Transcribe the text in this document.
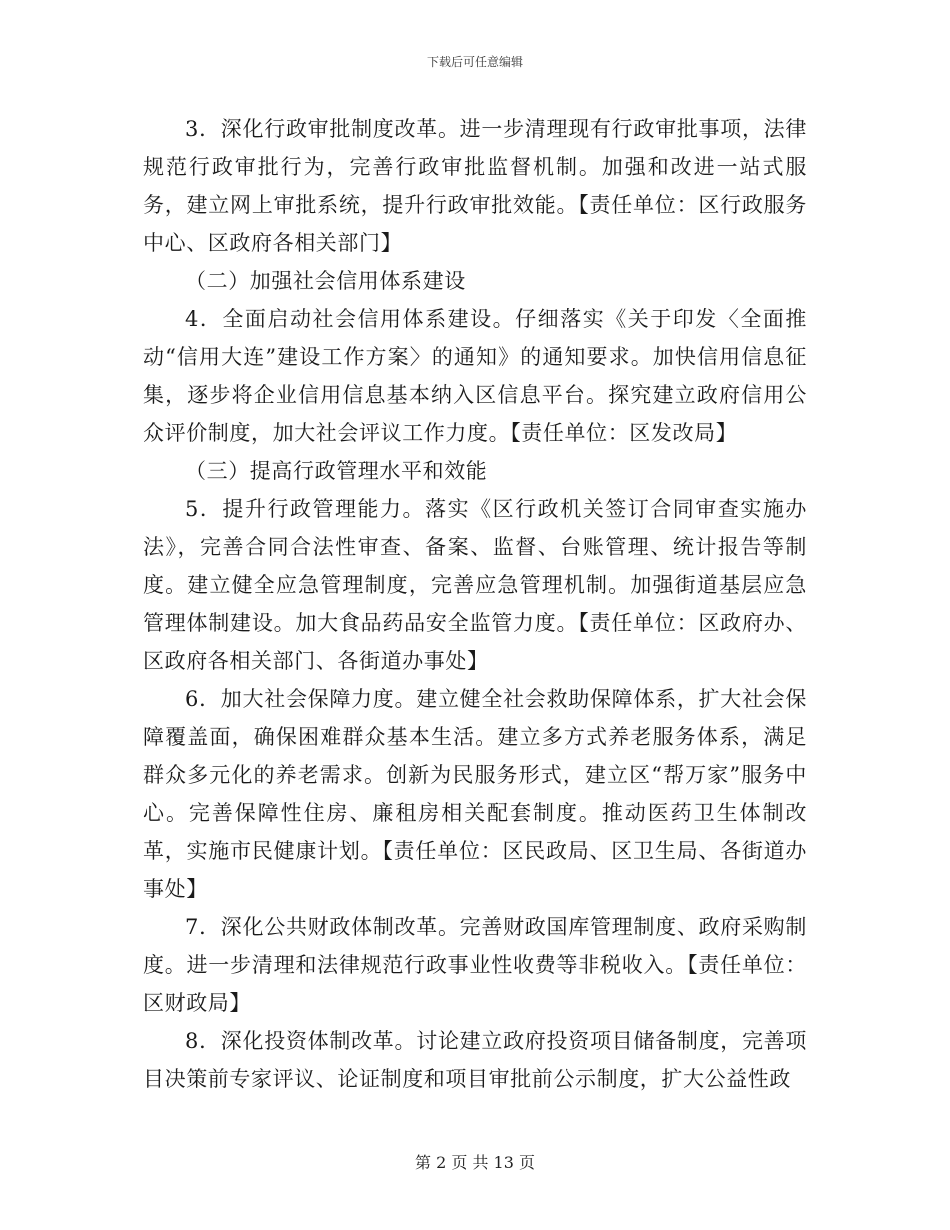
下载后可任意编辑

3．深化行政审批制度改革。进一步清理现有行政审批事项，法律规范行政审批行为，完善行政审批监督机制。加强和改进一站式服务，建立网上审批系统，提升行政审批效能。【责任单位：区行政服务中心、区政府各相关部门】

（二）加强社会信用体系建设

4．全面启动社会信用体系建设。仔细落实《关于印发〈全面推动“信用大连”建设工作方案〉的通知》的通知要求。加快信用信息征集，逐步将企业信用信息基本纳入区信息平台。探究建立政府信用公众评价制度，加大社会评议工作力度。【责任单位：区发改局】

（三）提高行政管理水平和效能

5．提升行政管理能力。落实《区行政机关签订合同审查实施办法》，完善合同合法性审查、备案、监督、台账管理、统计报告等制度。建立健全应急管理制度，完善应急管理机制。加强街道基层应急管理体制建设。加大食品药品安全监管力度。【责任单位：区政府办、区政府各相关部门、各街道办事处】

6．加大社会保障力度。建立健全社会救助保障体系，扩大社会保障覆盖面，确保困难群众基本生活。建立多方式养老服务体系，满足群众多元化的养老需求。创新为民服务形式，建立区“帮万家”服务中心。完善保障性住房、廉租房相关配套制度。推动医药卫生体制改革，实施市民健康计划。【责任单位：区民政局、区卫生局、各街道办事处】

7．深化公共财政体制改革。完善财政国库管理制度、政府采购制度。进一步清理和法律规范行政事业性收费等非税收入。【责任单位：区财政局】

8．深化投资体制改革。讨论建立政府投资项目储备制度，完善项目决策前专家评议、论证制度和项目审批前公示制度，扩大公益性政

第 2 页 共 13 页
